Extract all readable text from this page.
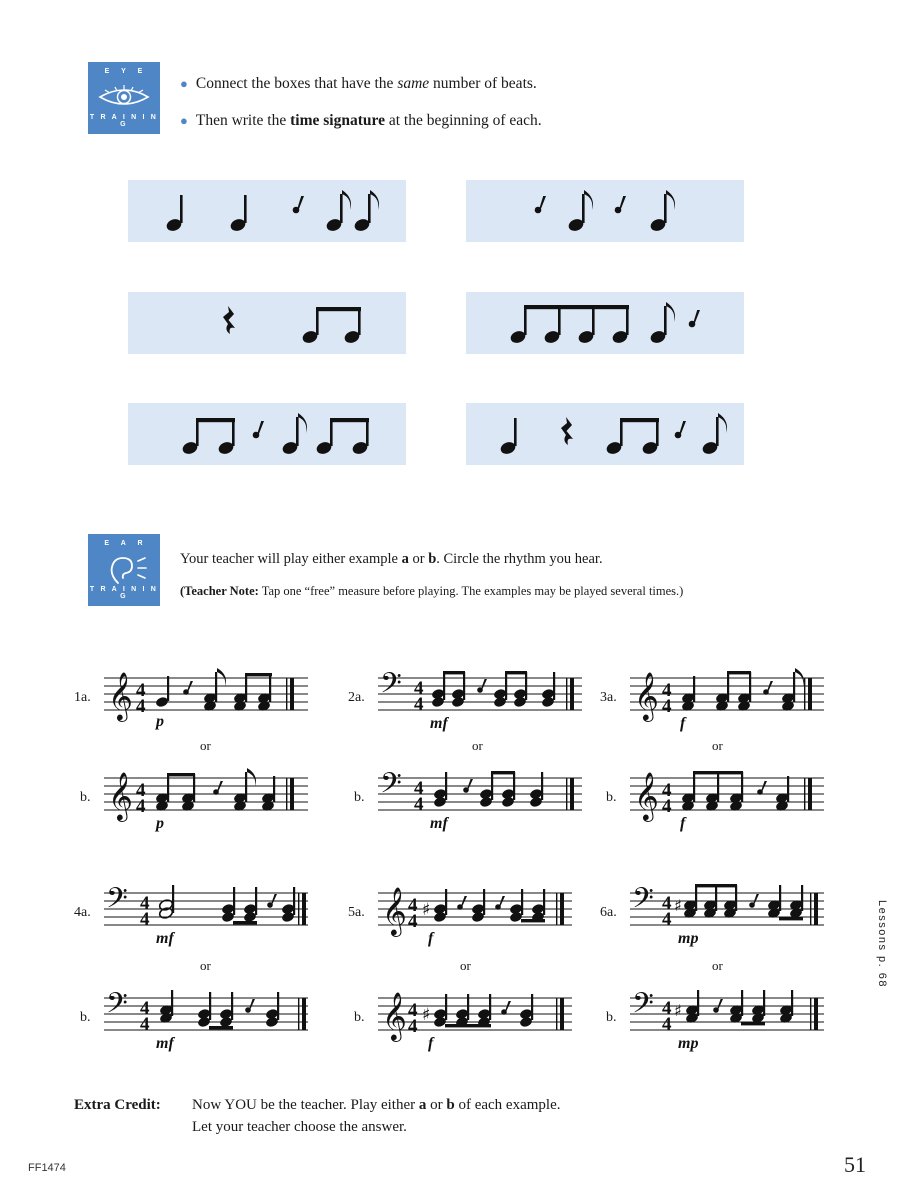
E Y E
T R A I N I N G
● Connect the boxes that have the same number of beats.
● Then write the time signature at the beginning of each.
E A R
T R A I N I N G
Your teacher will play either example a or b. Circle the rhythm you hear.
(Teacher Note: Tap one “free” measure before playing. The examples may be played several times.)
1a. 𝄞 4
4
p
or
b. 𝄞 4
4
p
2a. 𝄢 4
4
mf
or
b. 𝄢 4
4
mf
3a. 𝄞 4
4
f
or
b. 𝄞 4
4
f
4a. 𝄢 4
4
mf
or
b. 𝄢 4
4
mf
5a. 𝄞 4
4
♯
f
or
b. 𝄞 4
4
♯
f
6a. 𝄢 4
4
♯
mp
or
b. 𝄢 4
4
♯
mp
Lessons p. 68
Extra Credit:	Now YOU be the teacher. Play either a or b of each example.
Let your teacher choose the answer.
FF1474	51
